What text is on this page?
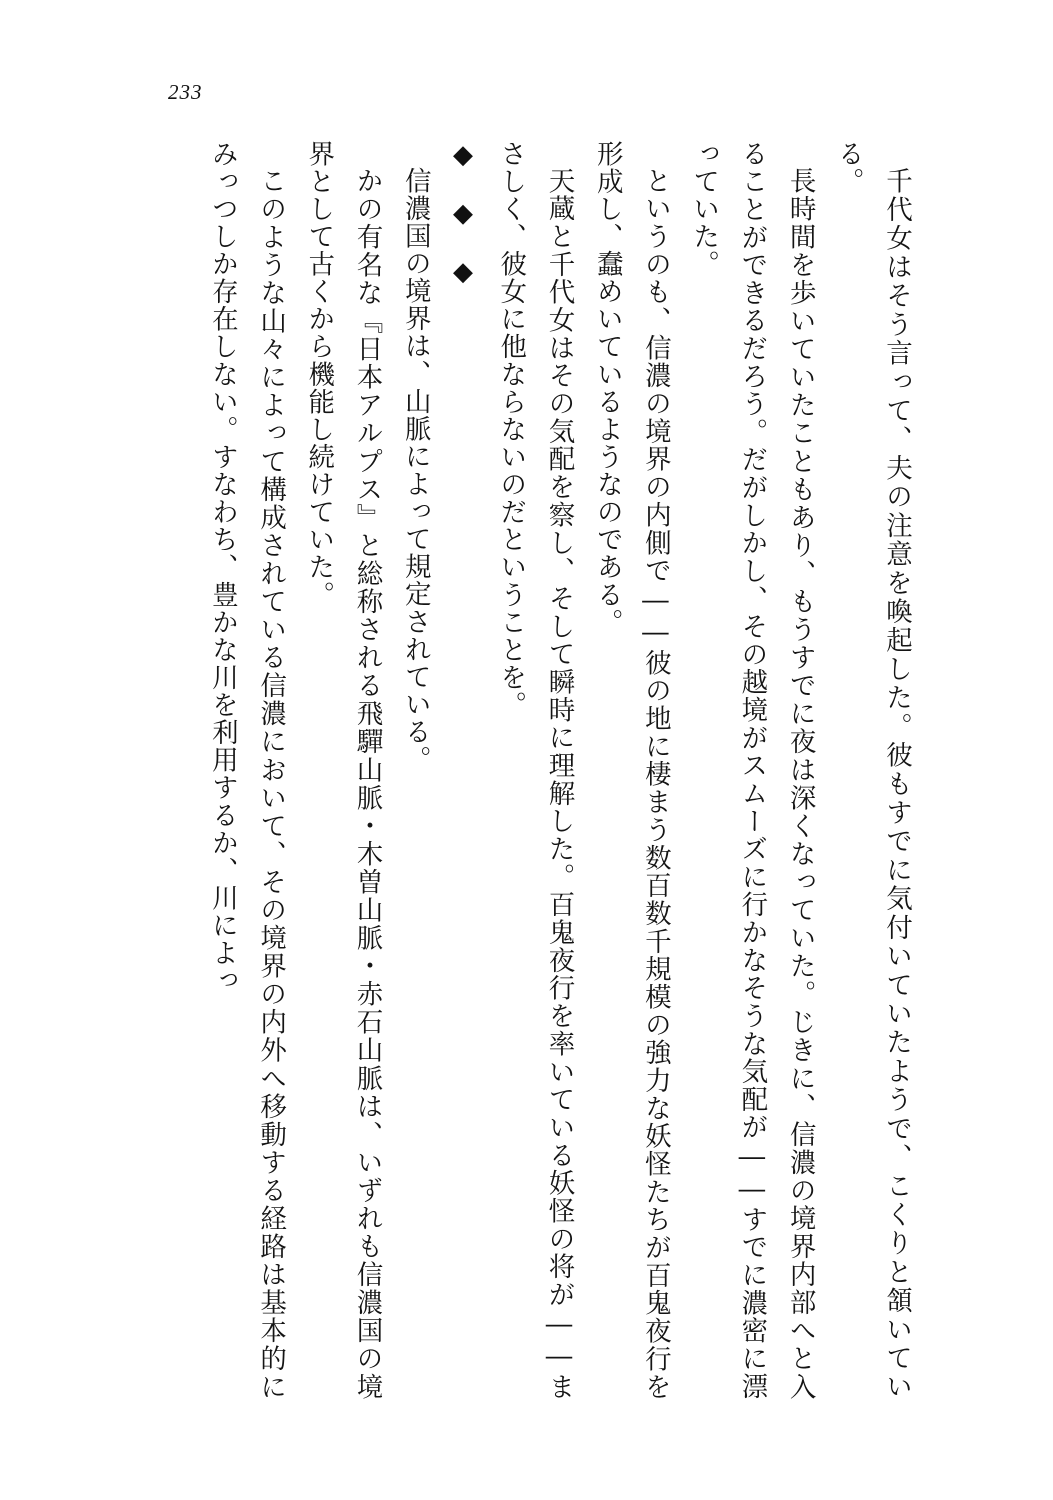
233

千代女はそう言って、夫の注意を喚起した。彼もすでに気付いていたようで、こくりと頷いている。

長時間を歩いていたこともあり、もうすでに夜は深くなっていた。じきに、信濃の境界内部へと入ることができるだろう。だがしかし、その越境がスムーズに行かなそうな気配が――すでに濃密に漂っていた。

というのも、信濃の境界の内側で――彼の地に棲まう数百数千規模の強力な妖怪たちが百鬼夜行を形成し、蠢めいているようなのである。

天蔵と千代女はその気配を察し、そして瞬時に理解した。百鬼夜行を率いている妖怪の将が――まさしく、彼女に他ならないのだということを。

◆◆◆

信濃国の境界は、山脈によって規定されている。

かの有名な『日本アルプス』と総称される飛驒山脈・木曽山脈・赤石山脈は、いずれも信濃国の境界として古くから機能し続けていた。

このような山々によって構成されている信濃において、その境界の内外へ移動する経路は基本的にみっつしか存在しない。すなわち、豊かな川を利用するか、川によっ
